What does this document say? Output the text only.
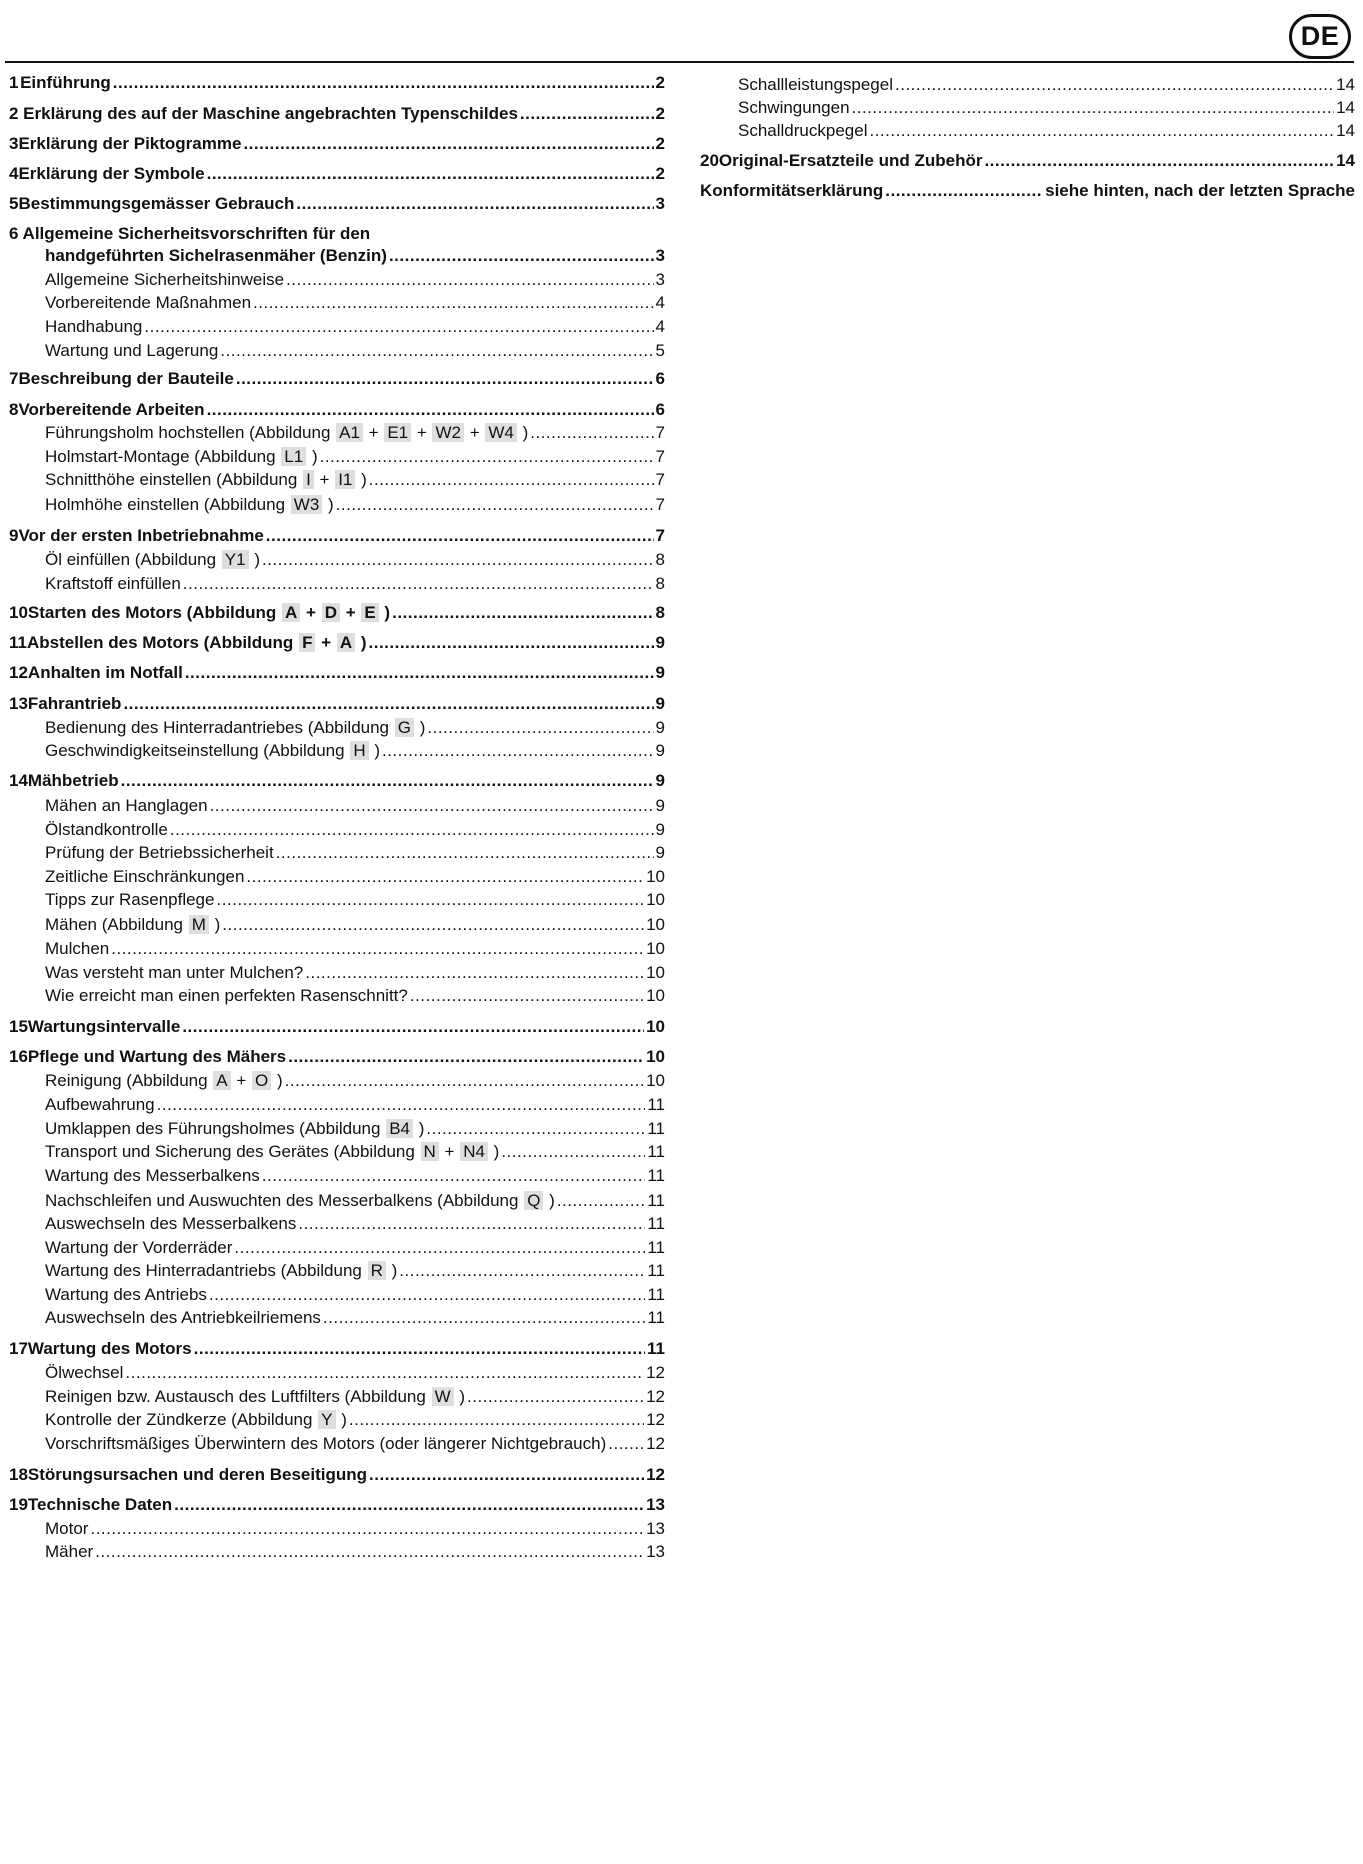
DE
1 Einführung .....	2
2 Erklärung des auf der Maschine angebrachten Typenschildes .....	2
3 Erklärung der Piktogramme .....	2
4 Erklärung der Symbole .....	2
5 Bestimmungsgemässer Gebrauch .....	3
6 Allgemeine Sicherheitsvorschriften für den
handgeführten Sichelrasenmäher (Benzin) .....	3
Allgemeine Sicherheitshinweise .....	3
Vorbereitende Maßnahmen .....	4
Handhabung .....	4
Wartung und Lagerung .....	5
7 Beschreibung der Bauteile .....	6
8 Vorbereitende Arbeiten .....	6
Führungsholm hochstellen (Abbildung A1 + E1 + W2 + W4 ) .....	7
Holmstart-Montage (Abbildung L1 ) .....	7
Schnitthöhe einstellen (Abbildung I + I1 ) .....	7
Holmhöhe einstellen (Abbildung W3 ) .....	7
9 Vor der ersten Inbetriebnahme .....	7
Öl einfüllen (Abbildung Y1 ) .....	8
Kraftstoff einfüllen .....	8
10 Starten des Motors (Abbildung A + D + E ) .....	8
11 Abstellen des Motors (Abbildung F + A ) .....	9
12 Anhalten im Notfall .....	9
13 Fahrantrieb .....	9
Bedienung des Hinterradantriebes (Abbildung G ) .....	9
Geschwindigkeitseinstellung (Abbildung H ) .....	9
14 Mähbetrieb .....	9
Mähen an Hanglagen .....	9
Ölstandkontrolle .....	9
Prüfung der Betriebssicherheit .....	9
Zeitliche Einschränkungen .....	10
Tipps zur Rasenpflege .....	10
Mähen (Abbildung M ) .....	10
Mulchen .....	10
Was versteht man unter Mulchen? .....	10
Wie erreicht man einen perfekten Rasenschnitt? .....	10
15 Wartungsintervalle .....	10
16 Pflege und Wartung des Mähers .....	10
Reinigung (Abbildung A + O ) .....	10
Aufbewahrung .....	11
Umklappen des Führungsholmes (Abbildung B4 ) .....	11
Transport und Sicherung des Gerätes (Abbildung N + N4 ) .....	11
Wartung des Messerbalkens .....	11
Nachschleifen und Auswuchten des Messerbalkens (Abbildung Q ) .....	11
Auswechseln des Messerbalkens .....	11
Wartung der Vorderräder .....	11
Wartung des Hinterradantriebs (Abbildung R ) .....	11
Wartung des Antriebs .....	11
Auswechseln des Antriebkeilriemens .....	11
17 Wartung des Motors .....	11
Ölwechsel .....	12
Reinigen bzw. Austausch des Luftfilters (Abbildung W ) .....	12
Kontrolle der Zündkerze (Abbildung Y ) .....	12
Vorschriftsmäßiges Überwintern des Motors (oder längerer Nichtgebrauch) ..... 12
18 Störungsursachen und deren Beseitigung .....	12
19 Technische Daten .....	13
Motor .....	13
Mäher .....	13
Schallleistungspegel .....	14
Schwingungen .....	14
Schalldruckpegel .....	14
20 Original-Ersatzteile und Zubehör .....	14
Konformitätserklärung .....	siehe hinten, nach der letzten Sprache
